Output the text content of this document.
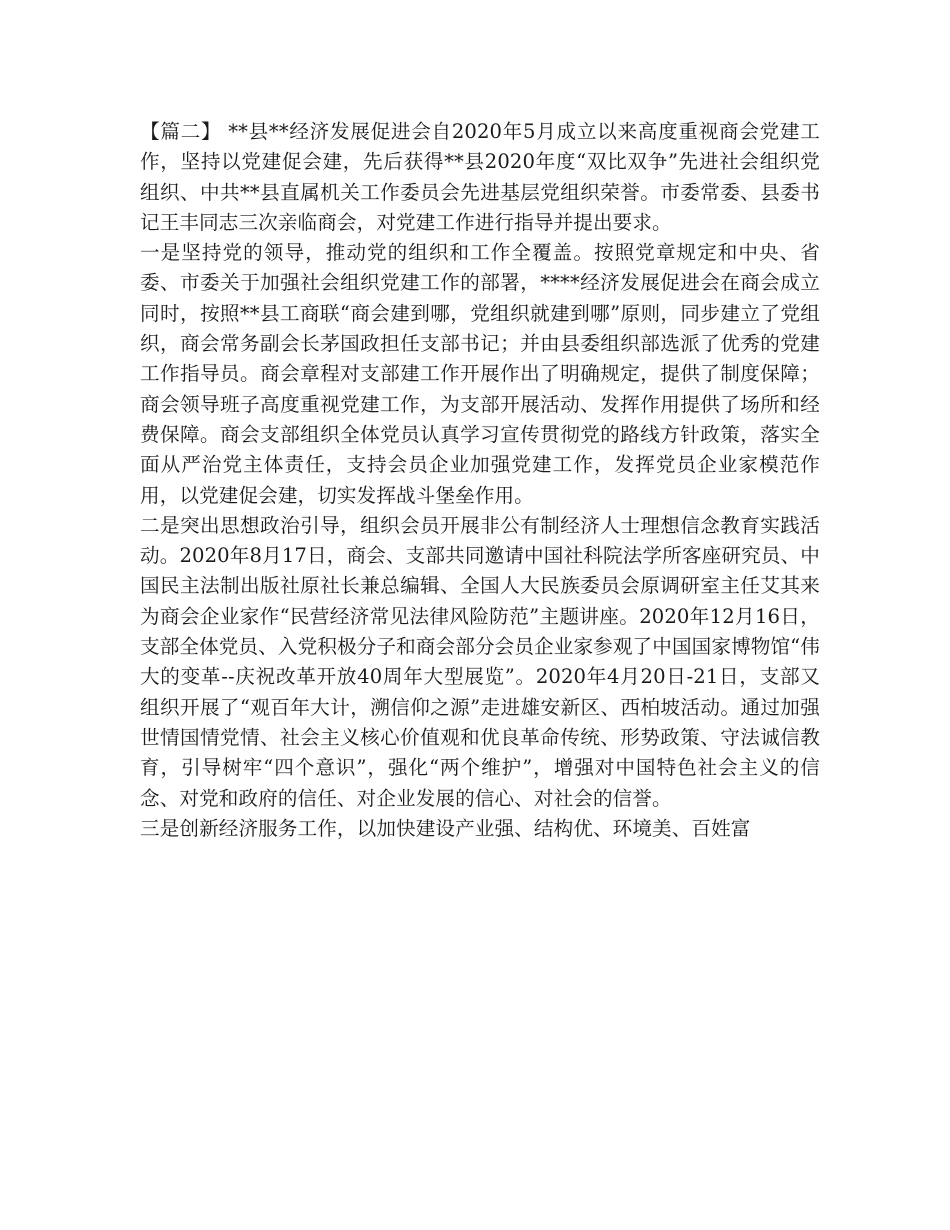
【篇二】 **县**经济发展促进会自2020年5月成立以来高度重视商会党建工作，坚持以党建促会建，先后获得**县2020年度“双比双争”先进社会组织党组织、中共**县直属机关工作委员会先进基层党组织荣誉。市委常委、县委书记王丰同志三次亲临商会，对党建工作进行指导并提出要求。

一是坚持党的领导，推动党的组织和工作全覆盖。按照党章规定和中央、省委、市委关于加强社会组织党建工作的部署，****经济发展促进会在商会成立同时，按照**县工商联“商会建到哪，党组织就建到哪”原则，同步建立了党组织，商会常务副会长茅国政担任支部书记；并由县委组织部选派了优秀的党建工作指导员。商会章程对支部建工作开展作出了明确规定，提供了制度保障；商会领导班子高度重视党建工作，为支部开展活动、发挥作用提供了场所和经费保障。商会支部组织全体党员认真学习宣传贯彻党的路线方针政策，落实全面从严治党主体责任，支持会员企业加强党建工作，发挥党员企业家模范作用，以党建促会建，切实发挥战斗堡垒作用。

二是突出思想政治引导，组织会员开展非公有制经济人士理想信念教育实践活动。2020年8月17日，商会、支部共同邀请中国社科院法学所客座研究员、中国民主法制出版社原社长兼总编辑、全国人大民族委员会原调研室主任艾其来为商会企业家作“民营经济常见法律风险防范”主题讲座。2020年12月16日，支部全体党员、入党积极分子和商会部分会员企业家参观了中国国家博物馆“伟大的变革--庆祝改革开放40周年大型展览”。2020年4月20日-21日，支部又组织开展了“观百年大计，溯信仰之源”走进雄安新区、西柏坡活动。通过加强世情国情党情、社会主义核心价值观和优良革命传统、形势政策、守法诚信教育，引导树牢“四个意识”，强化“两个维护”，增强对中国特色社会主义的信念、对党和政府的信任、对企业发展的信心、对社会的信誉。

三是创新经济服务工作，以加快建设产业强、结构优、环境美、百姓富
